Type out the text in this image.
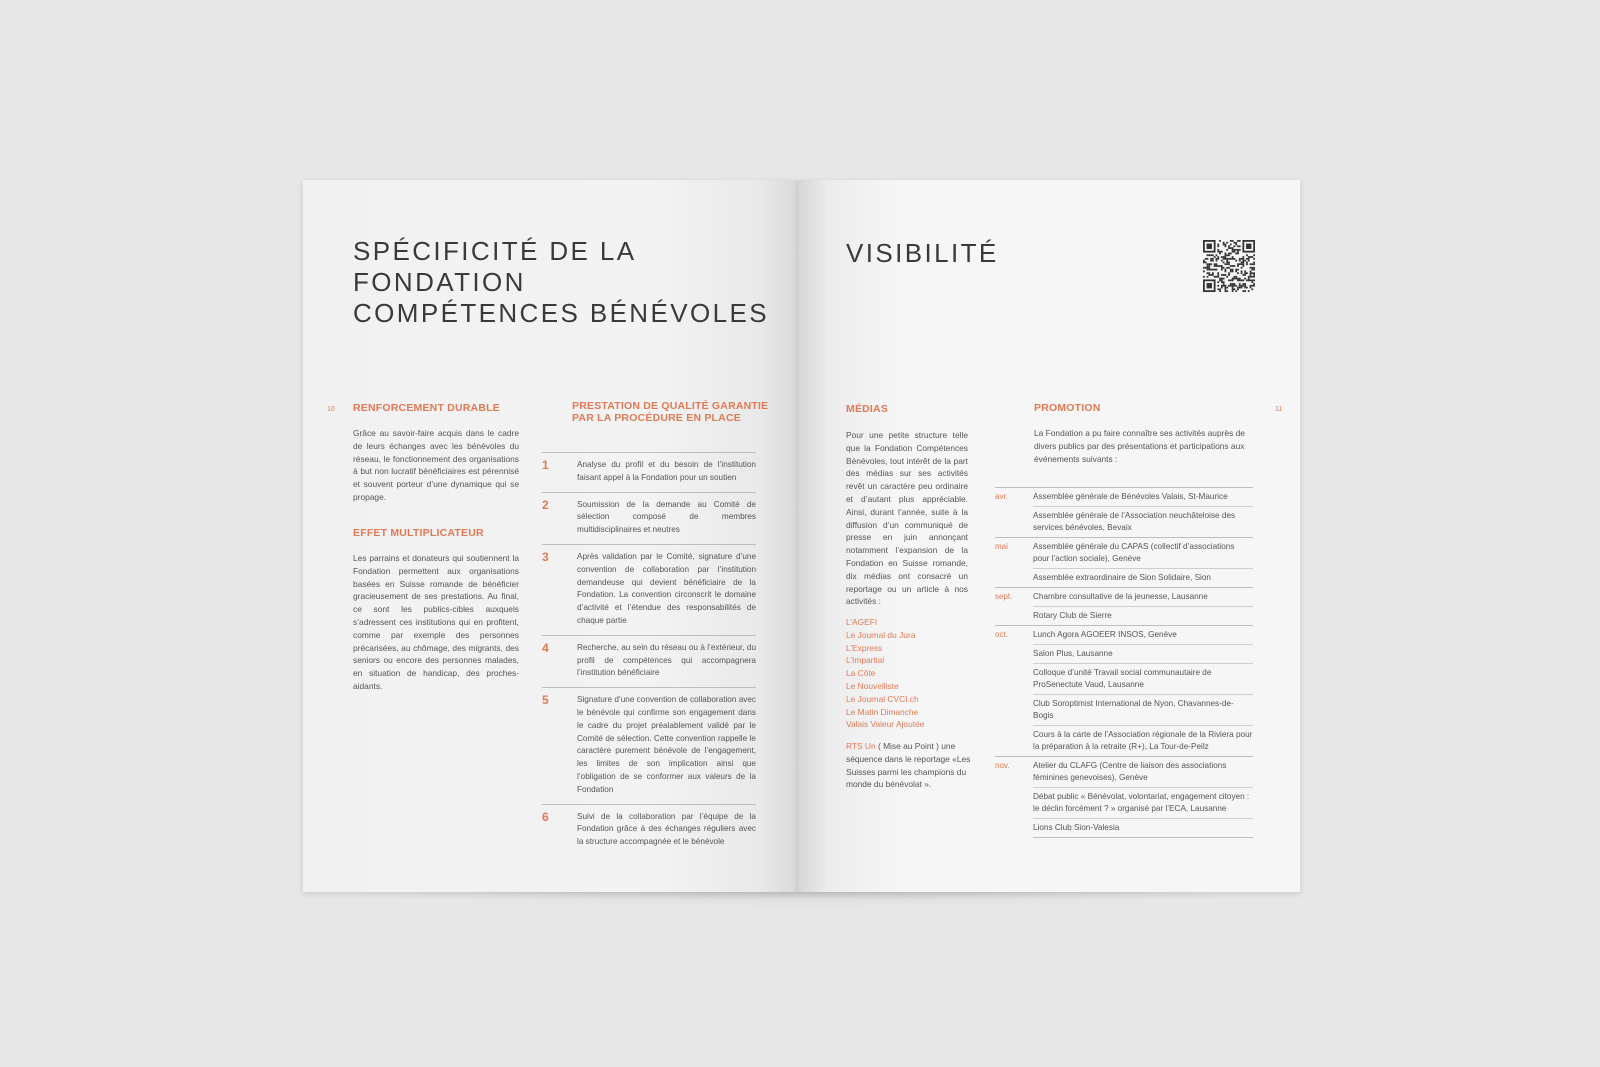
SPÉCIFICITÉ DE LA FONDATION
COMPÉTENCES BÉNÉVOLES
10 RENFORCEMENT DURABLE

Grâce au savoir-faire acquis dans le cadre de leurs échanges avec les bénévoles du réseau, le fonctionnement des organisations à but non lucratif bénéficiaires est pérennisé et souvent porteur d’une dynamique qui se propage.

EFFET MULTIPLICATEUR

Les parrains et donateurs qui soutiennent la Fondation permettent aux organisations basées en Suisse romande de bénéficier gracieusement de ses prestations. Au final, ce sont les publics-cibles auxquels s’adressent ces institutions qui en profitent, comme par exemple des personnes précarisées, au chômage, des migrants, des seniors ou encore des personnes malades, en situation de handicap, des proches-aidants.

PRESTATION DE QUALITÉ GARANTIE
PAR LA PROCÉDURE EN PLACE
1	Analyse du profil et du besoin de l’institution faisant appel à la Fondation pour un soutien
2	Soumission de la demande au Comité de sélection composé de membres multidisciplinaires et neutres
3	Après validation par le Comité, signature d’une convention de collaboration par l’institution demandeuse qui devient bénéficiaire de la Fondation. La convention circonscrit le domaine d’activité et l’étendue des responsabilités de chaque partie
4	Recherche, au sein du réseau ou à l’extérieur, du profil de compétences qui accompagnera l’institution bénéficiaire
5	Signature d’une convention de collaboration avec le bénévole qui confirme son engagement dans le cadre du projet préalablement validé par le Comité de sélection. Cette convention rappelle le caractère purement bénévole de l’engagement, les limites de son implication ainsi que l’obligation de se conformer aux valeurs de la Fondation
6	Suivi de la collaboration par l’équipe de la Fondation grâce à des échanges réguliers avec la structure accompagnée et le bénévole
VISIBILITÉ
11
MÉDIAS

Pour une petite structure telle que la Fondation Compétences Bénévoles, tout intérêt de la part des médias sur ses activités revêt un caractère peu ordinaire et d’autant plus appréciable. Ainsi, durant l’année, suite à la diffusion d’un communiqué de presse en juin annonçant notamment l’expansion de la Fondation en Suisse romande, dix médias ont consacré un reportage ou un article à nos activités :

L’AGEFI
Le Journal du Jura
L’Express
L’Impartial
La Côte
Le Nouvelliste
Le Journal CVCI.ch
Le Matin Dimanche
Valais Valeur Ajoutée

RTS Un ( Mise au Point ) une séquence dans le reportage «Les Suisses parmi les champions du monde du bénévolat ».

PROMOTION

La Fondation a pu faire connaître ses activités auprès de divers publics par des présentations et participations aux événements suivants :

avr.	Assemblée générale de Bénévoles Valais, St-Maurice
Assemblée générale de l’Association neuchâteloise des services bénévoles, Bevaix
mai	Assemblée générale du CAPAS (collectif d’associations pour l’action sociale), Genève
Assemblée extraordinaire de Sion Solidaire, Sion
sept.	Chambre consultative de la jeunesse, Lausanne
Rotary Club de Sierre
oct.	Lunch Agora AGOEER INSOS, Genève
Salon Plus, Lausanne
Colloque d’unité Travail social communautaire de ProSenectute Vaud, Lausanne
Club Soroptimist International de Nyon, Chavannes-de-Bogis
Cours à la carte de l’Association régionale de la Riviera pour la préparation à la retraite (R+), La Tour-de-Peilz
nov.	Atelier du CLAFG (Centre de liaison des associations féminines genevoises), Genève
Débat public « Bénévolat, volontariat, engagement citoyen : le déclin forcément ? » organisé par l’ECA, Lausanne
Lions Club Sion-Valesia
